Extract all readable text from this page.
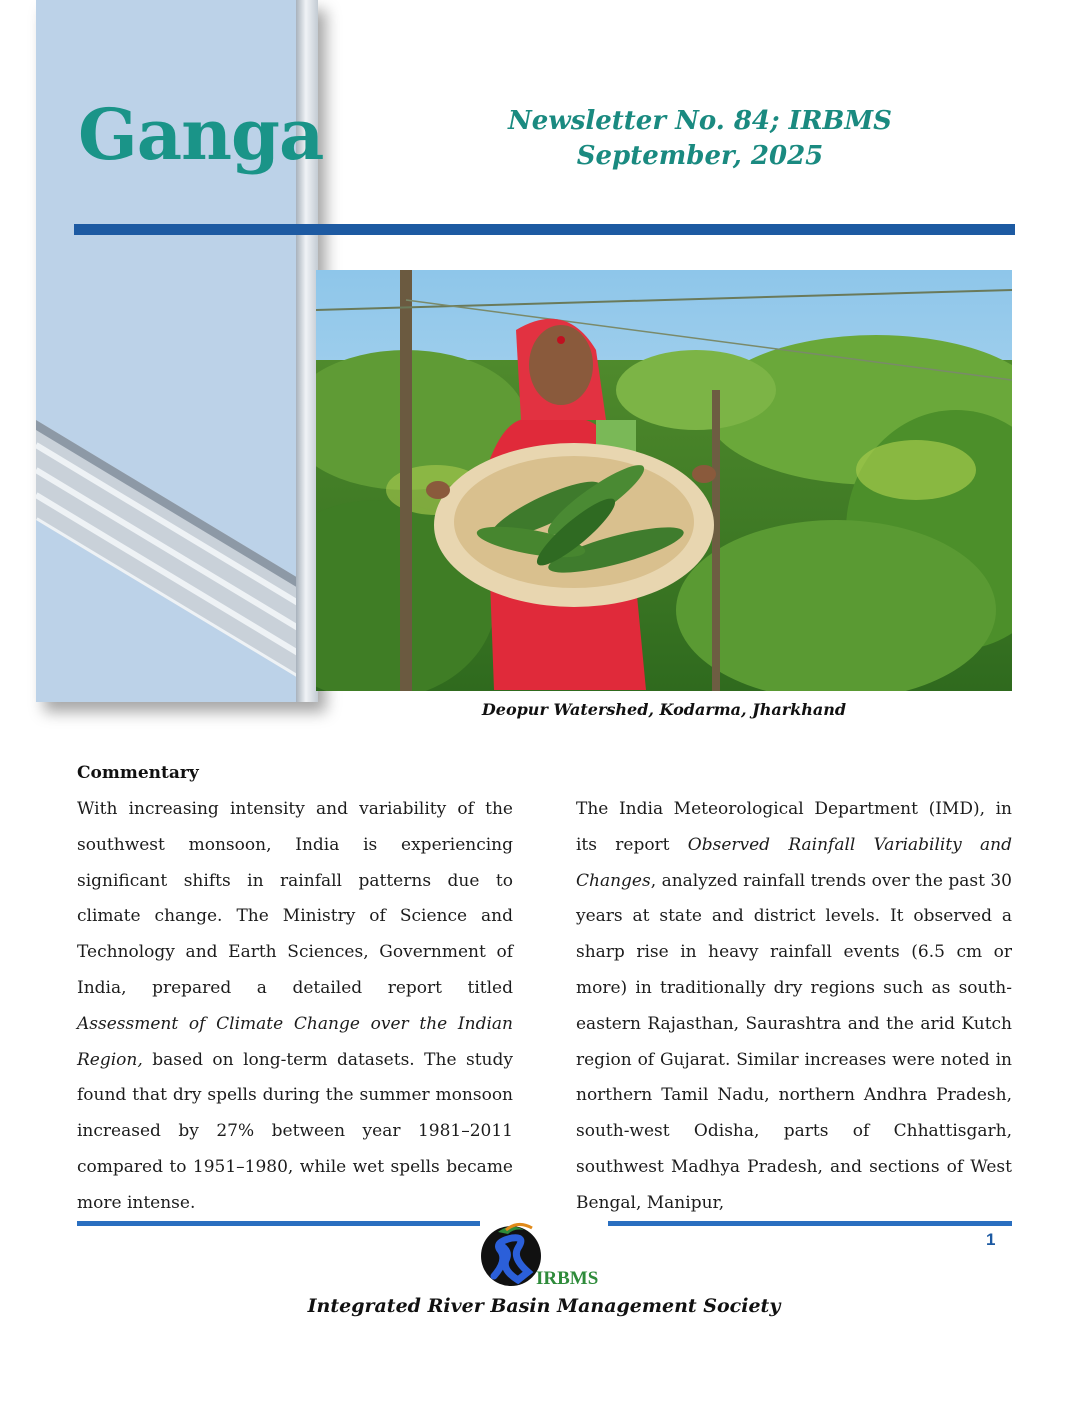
Ganga	Newsletter No. 84; IRBMS
September, 2025
Deopur Watershed, Kodarma, Jharkhand
Commentary
With increasing intensity and variability of the southwest monsoon, India is experiencing significant shifts in rainfall patterns due to climate change. The Ministry of Science and Technology and Earth Sciences, Government of India, prepared a detailed report titled Assessment of Climate Change over the Indian Region, based on long-term datasets. The study found that dry spells during the summer monsoon increased by 27% between year 1981–2011 compared to 1951–1980, while wet spells became more intense.
The India Meteorological Department (IMD), in its report Observed Rainfall Variability and Changes, analyzed rainfall trends over the past 30 years at state and district levels. It observed a sharp rise in heavy rainfall events (6.5 cm or more) in traditionally dry regions such as south-eastern Rajasthan, Saurashtra and the arid Kutch region of Gujarat. Similar increases were noted in northern Tamil Nadu, northern Andhra Pradesh, south-west Odisha, parts of Chhattisgarh, southwest Madhya Pradesh, and sections of West Bengal, Manipur,
1
IRBMS
Integrated River Basin Management Society
